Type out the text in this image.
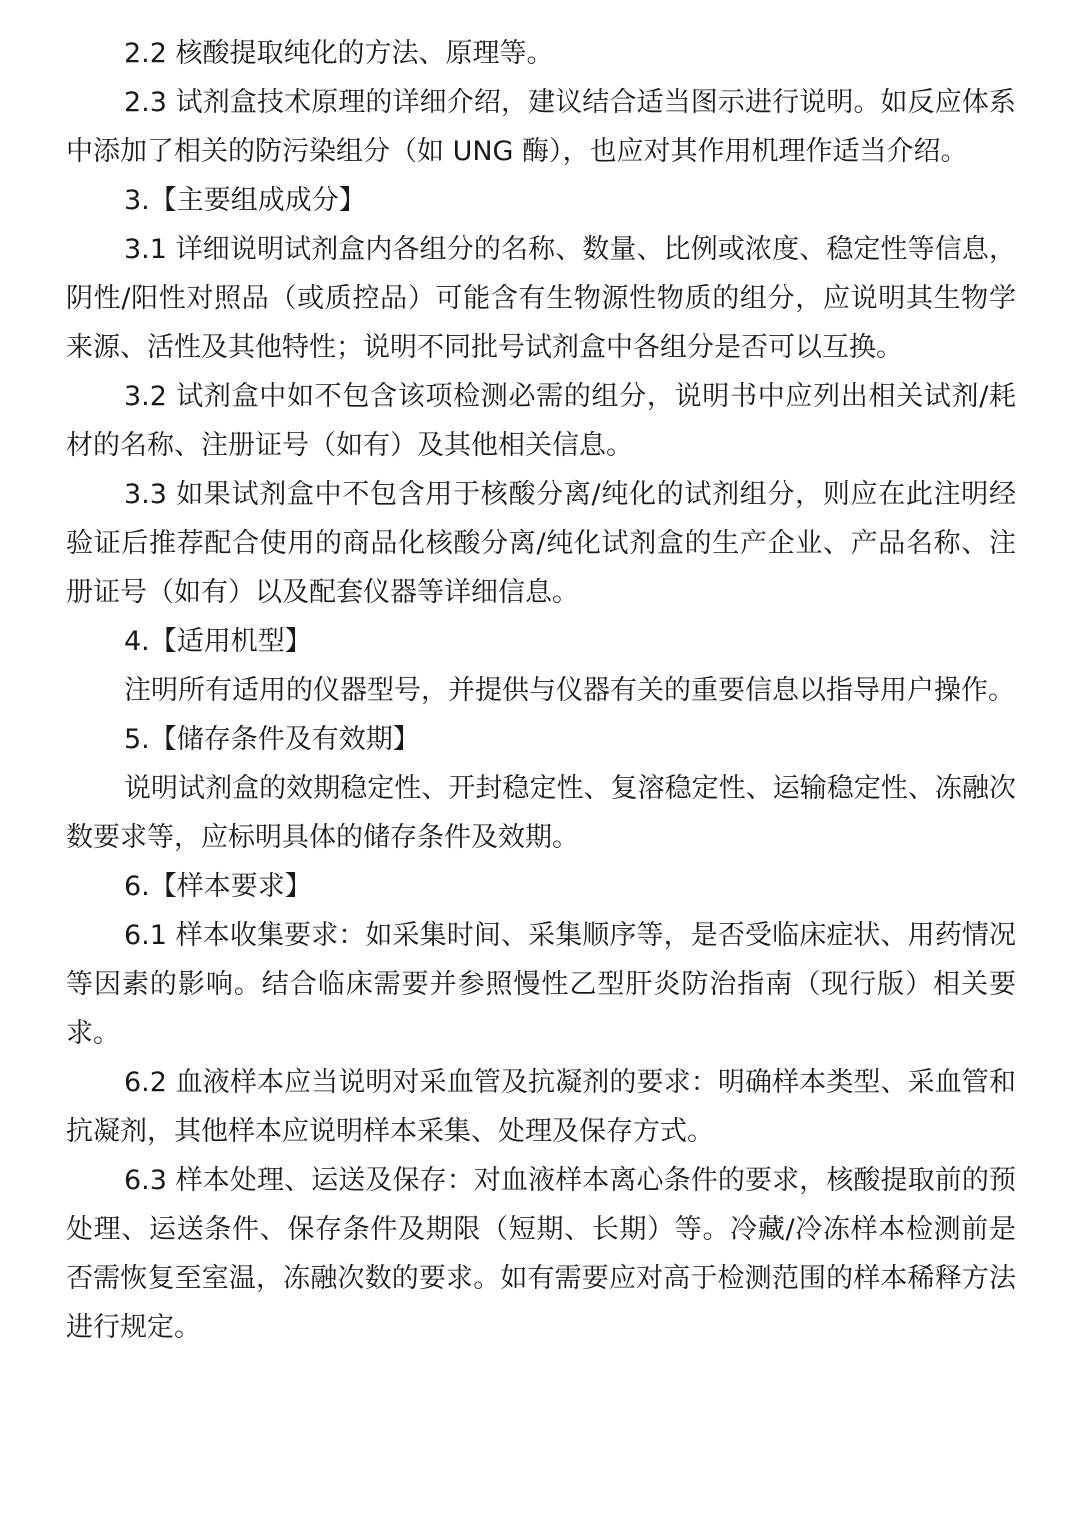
2.2 核酸提取纯化的方法、原理等。

2.3 试剂盒技术原理的详细介绍，建议结合适当图示进行说明。如反应体系中添加了相关的防污染组分（如 UNG 酶），也应对其作用机理作适当介绍。

3.【主要组成成分】

3.1 详细说明试剂盒内各组分的名称、数量、比例或浓度、稳定性等信息，阴性/阳性对照品（或质控品）可能含有生物源性物质的组分，应说明其生物学来源、活性及其他特性；说明不同批号试剂盒中各组分是否可以互换。

3.2 试剂盒中如不包含该项检测必需的组分，说明书中应列出相关试剂/耗材的名称、注册证号（如有）及其他相关信息。

3.3 如果试剂盒中不包含用于核酸分离/纯化的试剂组分，则应在此注明经验证后推荐配合使用的商品化核酸分离/纯化试剂盒的生产企业、产品名称、注册证号（如有）以及配套仪器等详细信息。

4.【适用机型】

注明所有适用的仪器型号，并提供与仪器有关的重要信息以指导用户操作。

5.【储存条件及有效期】

说明试剂盒的效期稳定性、开封稳定性、复溶稳定性、运输稳定性、冻融次数要求等，应标明具体的储存条件及效期。

6.【样本要求】

6.1 样本收集要求：如采集时间、采集顺序等，是否受临床症状、用药情况等因素的影响。结合临床需要并参照慢性乙型肝炎防治指南（现行版）相关要求。

6.2 血液样本应当说明对采血管及抗凝剂的要求：明确样本类型、采血管和抗凝剂，其他样本应说明样本采集、处理及保存方式。

6.3 样本处理、运送及保存：对血液样本离心条件的要求，核酸提取前的预处理、运送条件、保存条件及期限（短期、长期）等。冷藏/冷冻样本检测前是否需恢复至室温，冻融次数的要求。如有需要应对高于检测范围的样本稀释方法进行规定。
